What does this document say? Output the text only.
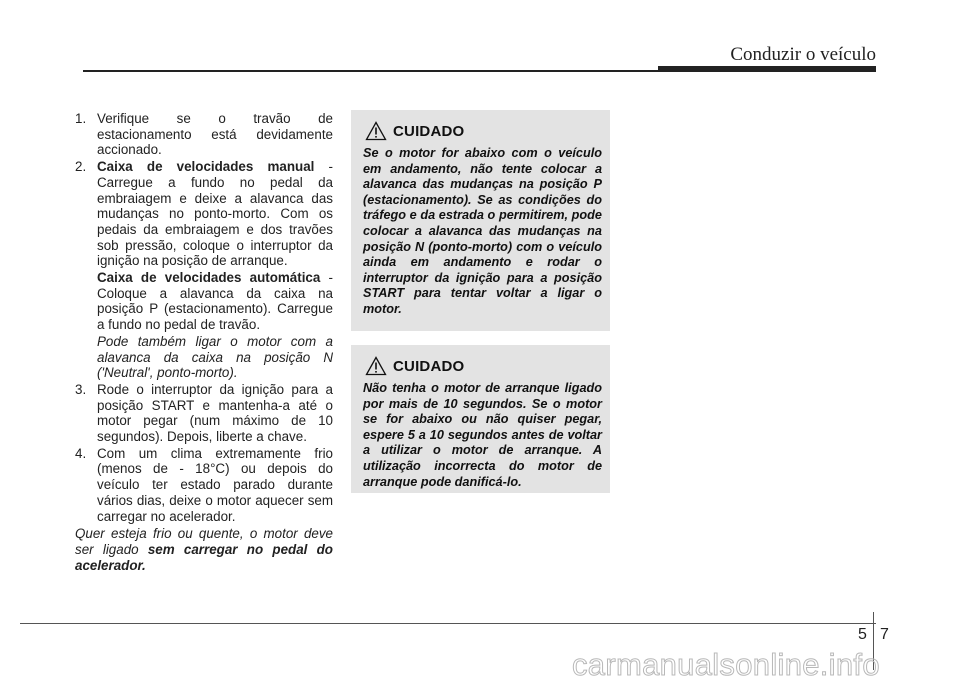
Conduzir o veículo
1. Verifique se o travão de estacionamento está devidamente accionado.

2. Caixa de velocidades manual - Carregue a fundo no pedal da embraiagem e deixe a alavanca das mudanças no ponto-morto. Com os pedais da embraiagem e dos travões sob pressão, coloque o interruptor da ignição na posição de arranque.

Caixa de velocidades automática - Coloque a alavanca da caixa na posição P (estacionamento). Carregue a fundo no pedal de travão.

Pode também ligar o motor com a alavanca da caixa na posição N ('Neutral', ponto-morto).

3. Rode o interruptor da ignição para a posição START e mantenha-a até o motor pegar (num máximo de 10 segundos). Depois, liberte a chave.

4. Com um clima extremamente frio (menos de - 18°C) ou depois do veículo ter estado parado durante vários dias, deixe o motor aquecer sem carregar no acelerador.

Quer esteja frio ou quente, o motor deve ser ligado sem carregar no pedal do acelerador.

CUIDADO

Se o motor for abaixo com o veículo em andamento, não tente colocar a alavanca das mudanças na posição P (estacionamento). Se as condições do tráfego e da estrada o permitirem, pode colocar a alavanca das mudanças na posição N (ponto-morto) com o veículo ainda em andamento e rodar o interruptor da ignição para a posição START para tentar voltar a ligar o motor.

CUIDADO

Não tenha o motor de arranque ligado por mais de 10 segundos. Se o motor se for abaixo ou não quiser pegar, espere 5 a 10 segundos antes de voltar a utilizar o motor de arranque. A utilização incorrecta do motor de arranque pode danificá-lo.

5 7
carmanualsonline.info
